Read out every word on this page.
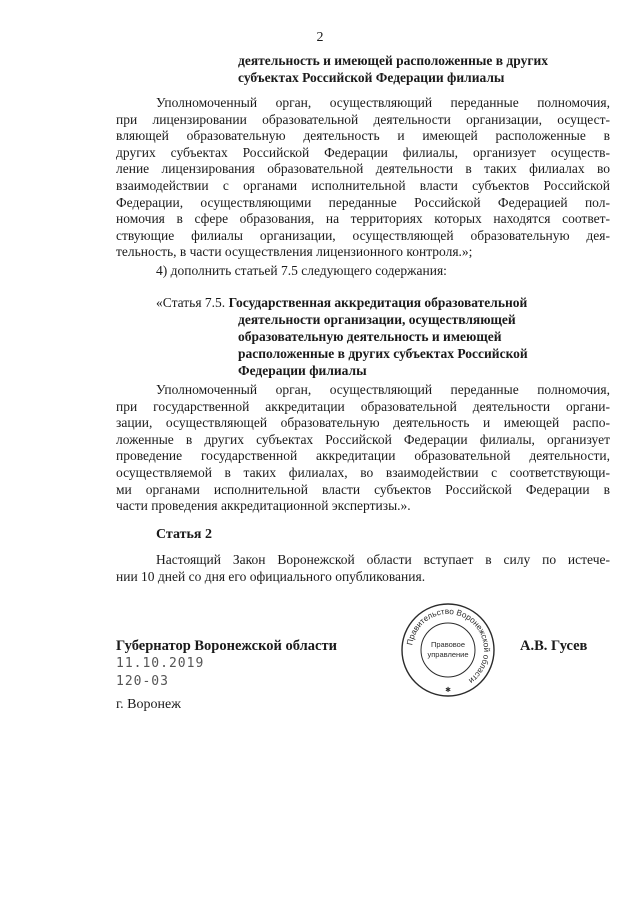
2
деятельность и имеющей расположенные в других
субъектах Российской Федерации филиалы
Уполномоченный орган, осуществляющий переданные полномочия,
при лицензировании образовательной деятельности организации, осущест-
вляющей образовательную деятельность и имеющей расположенные в
других субъектах Российской Федерации филиалы, организует осуществ-
ление лицензирования образовательной деятельности в таких филиалах во
взаимодействии с органами исполнительной власти субъектов Российской
Федерации, осуществляющими переданные Российской Федерацией пол-
номочия в сфере образования, на территориях которых находятся соответ-
ствующие филиалы организации, осуществляющей образовательную дея-
тельность, в части осуществления лицензионного контроля.»;
4) дополнить статьей 7.5 следующего содержания:
«Статья 7.5. Государственная аккредитация образовательной
деятельности организации, осуществляющей
образовательную деятельность и имеющей
расположенные в других субъектах Российской
Федерации филиалы
Уполномоченный орган, осуществляющий переданные полномочия,
при государственной аккредитации образовательной деятельности органи-
зации, осуществляющей образовательную деятельность и имеющей распо-
ложенные в других субъектах Российской Федерации филиалы, организует
проведение государственной аккредитации образовательной деятельности,
осуществляемой в таких филиалах, во взаимодействии с соответствующи-
ми органами исполнительной власти субъектов Российской Федерации в
части проведения аккредитационной экспертизы.».
Статья 2
Настоящий Закон Воронежской области вступает в силу по истече-
нии 10 дней со дня его официального опубликования.
Губернатор Воронежской области	А.В. Гусев
11.10.2019
120-03
г. Воронеж
Правительство Воронежской области
Правовое
управление
✱
